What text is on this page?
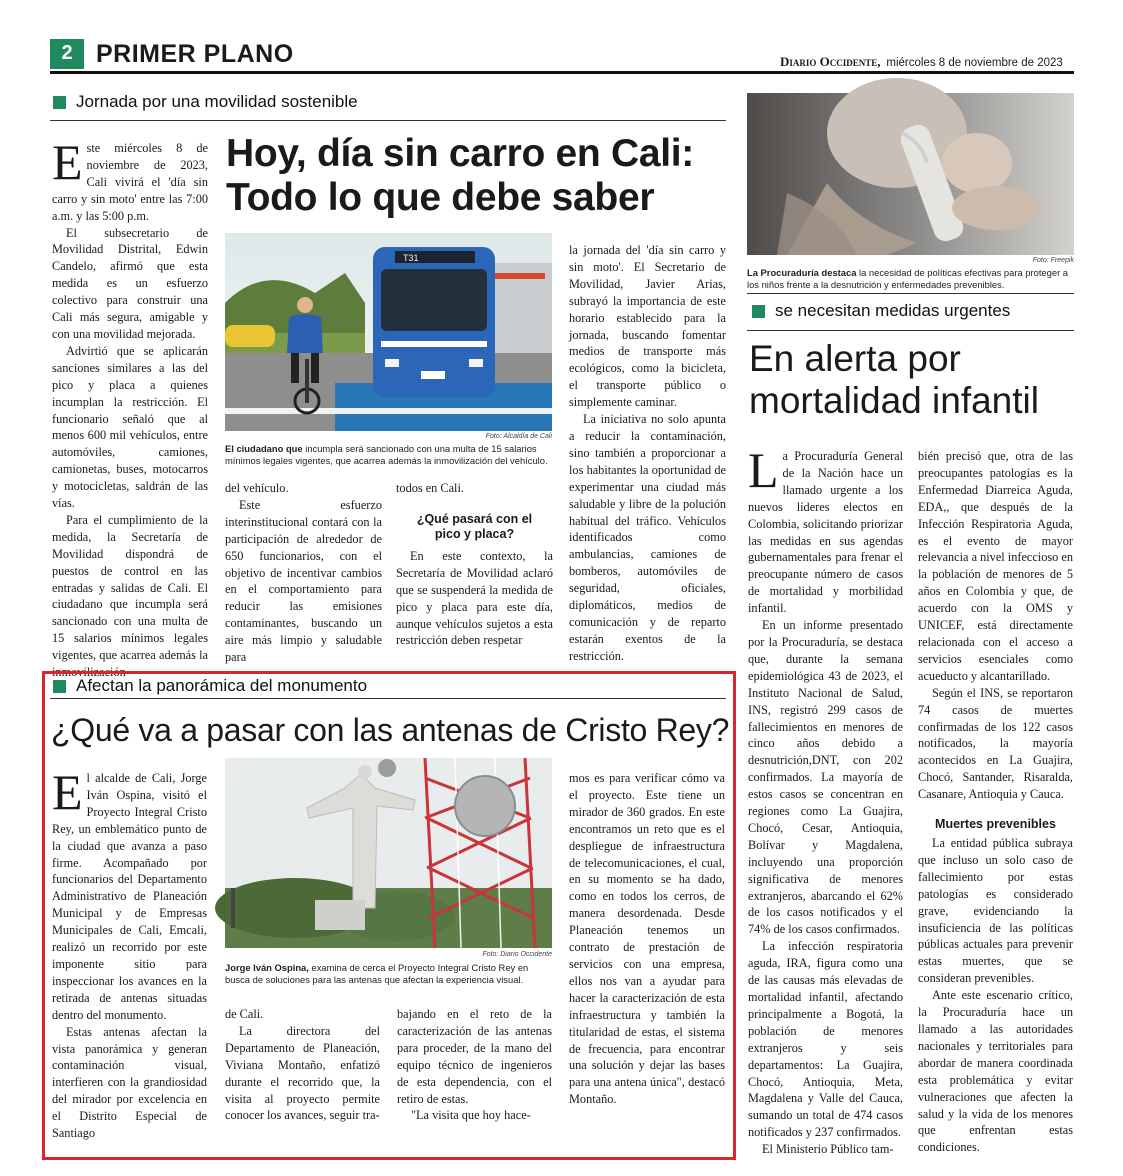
2 PRIMER PLANO	Diario Occidente, miércoles 8 de noviembre de 2023
Jornada por una movilidad sostenible

Este miércoles 8 de noviembre de 2023, Cali vivirá el 'día sin carro y sin moto' entre las 7:00 a.m. y las 5:00 p.m.

El subsecretario de Movilidad Distrital, Edwin Candelo, afirmó que esta medida es un esfuerzo colectivo para construir una Cali más segura, amigable y con una movilidad mejorada.

Advirtió que se aplicarán sanciones similares a las del pico y placa a quienes incumplan la restricción. El funcionario señaló que al menos 600 mil vehículos, entre automóviles, camiones, camionetas, buses, motocarros y motocicletas, saldrán de las vías.

Para el cumplimiento de la medida, la Secretaría de Movilidad dispondrá de puestos de control en las entradas y salidas de Cali. El ciudadano que incumpla será sancionado con una multa de 15 salarios mínimos legales vigentes, que acarrea además la inmovilización

Hoy, día sin carro en Cali: Todo lo que debe saber
T31
Foto: Alcaldía de Cali
El ciudadano que incumpla será sancionado con una multa de 15 salarios mínimos legales vigentes, que acarrea además la inmovilización del vehículo.

del vehículo.

Este esfuerzo interinstitucional contará con la participación de alrededor de 650 funcionarios, con el objetivo de incentivar cambios en el comportamiento para reducir las emisiones contaminantes, buscando un aire más limpio y saludable para

todos en Cali.

¿Qué pasará con el pico y placa?

En este contexto, la Secretaría de Movilidad aclaró que se suspenderá la medida de pico y placa para este día, aunque vehículos sujetos a esta restricción deben respetar

la jornada del 'día sin carro y sin moto'. El Secretario de Movilidad, Javier Arias, subrayó la importancia de este horario establecido para la jornada, buscando fomentar medios de transporte más ecológicos, como la bicicleta, el transporte público o simplemente caminar.

La iniciativa no solo apunta a reducir la contaminación, sino también a proporcionar a los habitantes la oportunidad de experimentar una ciudad más saludable y libre de la polución habitual del tráfico. Vehículos identificados como ambulancias, camiones de bomberos, automóviles de seguridad, oficiales, diplomáticos, medios de comunicación y de reparto estarán exentos de la restricción.

Foto: Freepik
La Procuraduría destaca la necesidad de políticas efectivas para proteger a los niños frente a la desnutrición y enfermedades prevenibles.
se necesitan medidas urgentes
En alerta por mortalidad infantil

La Procuraduría General de la Nación hace un llamado urgente a los nuevos líderes electos en Colombia, solicitando priorizar las medidas en sus agendas gubernamentales para frenar el preocupante número de casos de mortalidad y morbilidad infantil.

En un informe presentado por la Procuraduría, se destaca que, durante la semana epidemiológica 43 de 2023, el Instituto Nacional de Salud, INS, registró 299 casos de fallecimientos en menores de cinco años debido a desnutrición,DNT, con 202 confirmados. La mayoría de estos casos se concentran en regiones como La Guajira, Chocó, Cesar, Antioquia, Bolívar y Magdalena, incluyendo una proporción significativa de menores extranjeros, abarcando el 62% de los casos notificados y el 74% de los casos confirmados.

La infección respiratoria aguda, IRA, figura como una de las causas más elevadas de mortalidad infantil, afectando principalmente a Bogotá, la población de menores extranjeros y seis departamentos: La Guajira, Chocó, Antioquia, Meta, Magdalena y Valle del Cauca, sumando un total de 474 casos notificados y 237 confirmados.

El Ministerio Público tam-

bién precisó que, otra de las preocupantes patologías es la Enfermedad Diarreica Aguda, EDA,, que después de la Infección Respiratoria Aguda, es el evento de mayor relevancia a nivel infeccioso en la población de menores de 5 años en Colombia y que, de acuerdo con la OMS y UNICEF, está directamente relacionada con el acceso a servicios esenciales como acueducto y alcantarillado.

Según el INS, se reportaron 74 casos de muertes confirmadas de los 122 casos notificados, la mayoría acontecidos en La Guajira, Chocó, Santander, Risaralda, Casanare, Antioquia y Cauca.

Muertes prevenibles

La entidad pública subraya que incluso un solo caso de fallecimiento por estas patologías es considerado grave, evidenciando la insuficiencia de las políticas públicas actuales para prevenir estas muertes, que se consideran prevenibles.

Ante este escenario crítico, la Procuraduría hace un llamado a las autoridades nacionales y territoriales para abordar de manera coordinada esta problemática y evitar vulneraciones que afecten la salud y la vida de los menores que enfrentan estas condiciones.

Afectan la panorámica del monumento
¿Qué va a pasar con las antenas de Cristo Rey?

El alcalde de Cali, Jorge Iván Ospina, visitó el Proyecto Integral Cristo Rey, un emblemático punto de la ciudad que avanza a paso firme. Acompañado por funcionarios del Departamento Administrativo de Planeación Municipal y de Empresas Municipales de Cali, Emcali, realizó un recorrido por este imponente sitio para inspeccionar los avances en la retirada de antenas situadas dentro del monumento.

Estas antenas afectan la vista panorámica y generan contaminación visual, interfieren con la grandiosidad del mirador por excelencia en el Distrito Especial de Santiago

Foto: Diario Occidente
Jorge Iván Ospina, examina de cerca el Proyecto Integral Cristo Rey en busca de soluciones para las antenas que afectan la experiencia visual.

de Cali.

La directora del Departamento de Planeación, Viviana Montaño, enfatizó durante el recorrido que, la visita al proyecto permite conocer los avances, seguir tra-

bajando en el reto de la caracterización de las antenas para proceder, de la mano del equipo técnico de ingenieros de esta dependencia, con el retiro de estas.

"La visita que hoy hace-

mos es para verificar cómo va el proyecto. Este tiene un mirador de 360 grados. En este encontramos un reto que es el despliegue de infraestructura de telecomunicaciones, el cual, en su momento se ha dado, como en todos los cerros, de manera desordenada. Desde Planeación tenemos un contrato de prestación de servicios con una empresa, ellos nos van a ayudar para hacer la caracterización de esta infraestructura y también la titularidad de estas, el sistema de frecuencia, para encontrar una solución y dejar las bases para una antena única", destacó Montaño.
